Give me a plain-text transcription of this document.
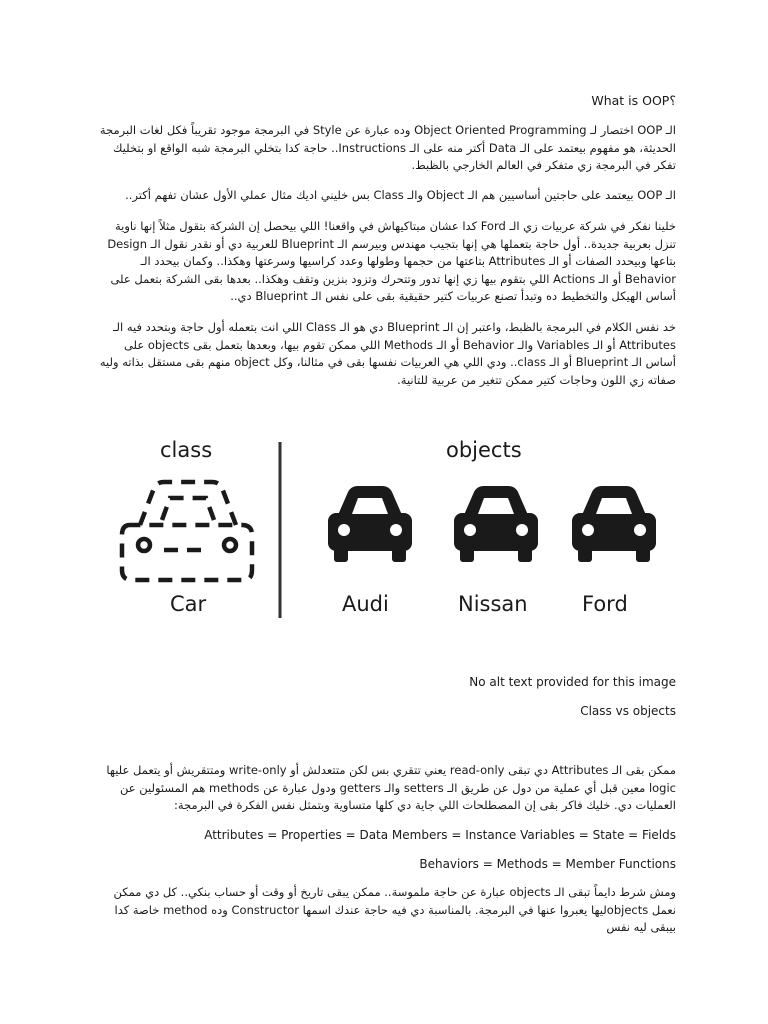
What is OOP؟
الـ OOP اختصار لـ Object Oriented Programming وده عبارة عن Style في البرمجة موجود تقريباً فكل لغات البرمجة الحديثة، هو مفهوم بيعتمد على الـ Data أكتر منه على الـ Instructions.. حاجة كدا بتخلي البرمجة شبه الواقع او بتخليك تفكر في البرمجة زي متفكر في العالم الخارجي بالظبط.
الـ OOP بيعتمد على حاجتين أساسيين هم الـ Object والـ Class بس خليني اديك مثال عملي الأول عشان تفهم أكتر..
خلينا نفكر في شركة عربيات زي الـ Ford كدا عشان مبتاكيهاش في واقعنا! اللي بيحصل إن الشركة بتقول مثلاً إنها ناوية تنزل بعربية جديدة.. أول حاجة بتعملها هي إنها بتجيب مهندس وبيرسم الـ Blueprint للعربية دي أو نقدر نقول الـ Design بتاعها وبيحدد الصفات أو الـ Attributes بتاعتها من حجمها وطولها وعدد كراسيها وسرعتها وهكذا.. وكمان بيحدد الـ Behavior أو الـ Actions اللي بتقوم بيها زي إنها تدور وتتحرك وتزود بنزين وتقف وهكذا.. بعدها بقى الشركة بتعمل على أساس الهيكل والتخطيط ده وتبدأ تصنع عربيات كتير حقيقية بقى على نفس الـ Blueprint دي..
خد نفس الكلام في البرمجة بالظبط، واعتبر إن الـ Blueprint دي هو الـ Class اللي انت بتعمله أول حاجة وبتحدد فيه الـ Attributes أو الـ Variables والـ Behavior أو الـ Methods اللي ممكن تقوم بيها، وبعدها بتعمل بقى objects على أساس الـ Blueprint أو الـ class.. ودي اللي هي العربيات نفسها بقى في مثالنا، وكل object منهم بقى مستقل بذاته وليه صفاته زي اللون وحاجات كتير ممكن تتغير من عربية للتانية.
class	objects
Car	Audi	Nissan	Ford
No alt text provided for this image
Class vs objects
ممكن بقى الـ Attributes دي تبقى read-only يعني تتقري بس لكن متتعدلش أو write-only ومتتقريش أو يتعمل عليها logic معين قبل أي عملية من دول عن طريق الـ setters والـ getters ودول عبارة عن methods هم المسئولين عن العمليات دي. خليك فاكر بقى إن المصطلحات اللي جاية دي كلها متساوية وبتمثل نفس الفكرة في البرمجة:
Attributes = Properties = Data Members = Instance Variables = State = Fields
Behaviors = Methods = Member Functions
ومش شرط دايماً تبقى الـ objects عبارة عن حاجة ملموسة.. ممكن يبقى تاريخ أو وقت أو حساب بنكي.. كل دي ممكن نعمل objectsليها يعبروا عنها في البرمجة. بالمناسبة دي فيه حاجة عندك اسمها Constructor وده method خاصة كدا بيبقى ليه نفس
